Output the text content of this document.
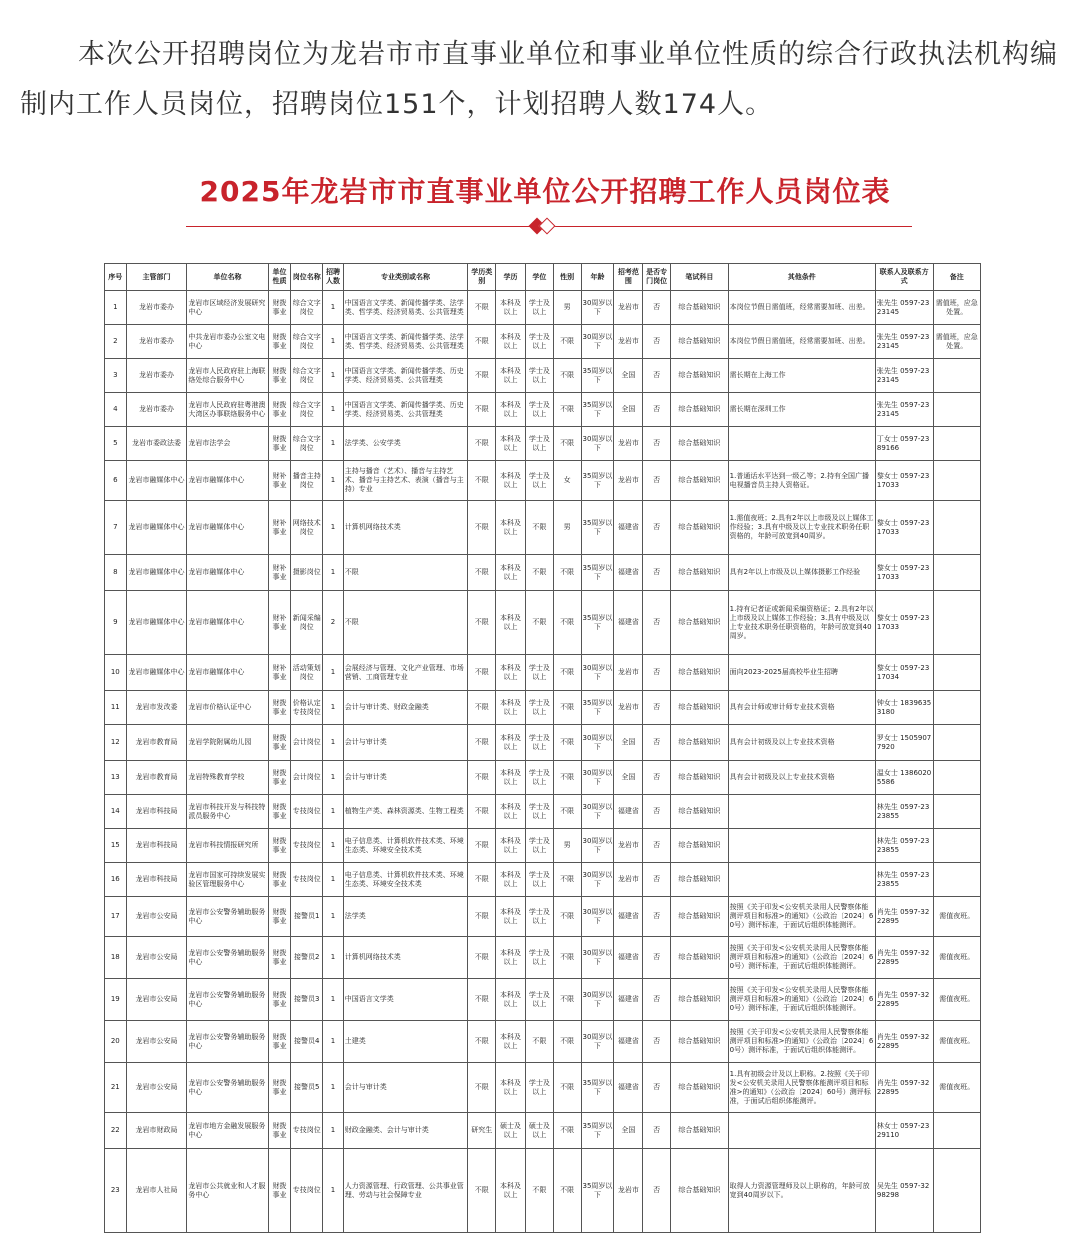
本次公开招聘岗位为龙岩市市直事业单位和事业单位性质的综合行政执法机构编制内工作人员岗位，招聘岗位151个，计划招聘人数174人。
2025年龙岩市市直事业单位公开招聘工作人员岗位表
序号	主管部门	单位名称	单位性质	岗位名称	招聘人数	专业类别或名称	学历类别	学历	学位	性别	年龄	招考范围	是否专门岗位	笔试科目	其他条件	联系人及联系方式	备注
1	龙岩市委办	龙岩市区域经济发展研究中心	财拨事业	综合文字岗位	1	中国语言文学类、新闻传播学类、法学类、哲学类、经济贸易类、公共管理类	不限	本科及以上	学士及以上	男	30周岁以下	龙岩市	否	综合基础知识	本岗位节假日需值班，经常需要加班、出差。	张先生 0597-2323145	需值班，应急处置。
2	龙岩市委办	中共龙岩市委办公室文电中心	财拨事业	综合文字岗位	1	中国语言文学类、新闻传播学类、法学类、哲学类、经济贸易类、公共管理类	不限	本科及以上	学士及以上	不限	30周岁以下	龙岩市	否	综合基础知识	本岗位节假日需值班，经常需要加班、出差。	张先生 0597-2323145	需值班，应急处置。
3	龙岩市委办	龙岩市人民政府驻上海联络处综合服务中心	财拨事业	综合文字岗位	1	中国语言文学类、新闻传播学类、历史学类、经济贸易类、公共管理类	不限	本科及以上	学士及以上	不限	35周岁以下	全国	否	综合基础知识	需长期在上海工作	张先生 0597-2323145	
4	龙岩市委办	龙岩市人民政府驻粤港澳大湾区办事联络服务中心	财拨事业	综合文字岗位	1	中国语言文学类、新闻传播学类、历史学类、经济贸易类、公共管理类	不限	本科及以上	学士及以上	不限	35周岁以下	全国	否	综合基础知识	需长期在深圳工作	张先生 0597-2323145	
5	龙岩市委政法委	龙岩市法学会	财拨事业	综合文字岗位	1	法学类、公安学类	不限	本科及以上	学士及以上	不限	30周岁以下	龙岩市	否	综合基础知识		丁女士 0597-2389166	
6	龙岩市融媒体中心	龙岩市融媒体中心	财补事业	播音主持岗位	1	主持与播音（艺术）、播音与主持艺术、播音与主持艺术、表演（播音与主持）专业	不限	本科及以上	学士及以上	女	35周岁以下	龙岩市	否	综合基础知识	1.普通话水平达到一级乙等；2.持有全国广播电视播音员主持人资格证。	黎女士 0597-2317033	
7	龙岩市融媒体中心	龙岩市融媒体中心	财补事业	网络技术岗位	1	计算机网络技术类	不限	本科及以上	不限	男	35周岁以下	福建省	否	综合基础知识	1.需值夜班；2.具有2年以上市级及以上媒体工作经验；3.具有中级及以上专业技术职务任职资格的，年龄可放宽到40周岁。	黎女士 0597-2317033	
8	龙岩市融媒体中心	龙岩市融媒体中心	财补事业	摄影岗位	1	不限	不限	本科及以上	不限	不限	35周岁以下	福建省	否	综合基础知识	具有2年以上市级及以上媒体摄影工作经验	黎女士 0597-2317033	
9	龙岩市融媒体中心	龙岩市融媒体中心	财补事业	新闻采编岗位	2	不限	不限	本科及以上	不限	不限	35周岁以下	福建省	否	综合基础知识	1.持有记者证或新闻采编资格证；2.具有2年以上市级及以上媒体工作经验；3.具有中级及以上专业技术职务任职资格的，年龄可放宽到40周岁。	黎女士 0597-2317033	
10	龙岩市融媒体中心	龙岩市融媒体中心	财补事业	活动策划岗位	1	会展经济与管理、文化产业管理、市场营销、工商管理专业	不限	本科及以上	学士及以上	不限	30周岁以下	龙岩市	否	综合基础知识	面向2023-2025届高校毕业生招聘	黎女士 0597-2317034	
11	龙岩市发改委	龙岩市价格认证中心	财拨事业	价格认定专技岗位	1	会计与审计类、财政金融类	不限	本科及以上	学士及以上	不限	35周岁以下	龙岩市	否	综合基础知识	具有会计师或审计师专业技术资格	钟女士 18396353180	
12	龙岩市教育局	龙岩学院附属幼儿园	财拨事业	会计岗位	1	会计与审计类	不限	本科及以上	学士及以上	不限	30周岁以下	全国	否	综合基础知识	具有会计初级及以上专业技术资格	罗女士 15059077920	
13	龙岩市教育局	龙岩特殊教育学校	财拨事业	会计岗位	1	会计与审计类	不限	本科及以上	学士及以上	不限	30周岁以下	全国	否	综合基础知识	具有会计初级及以上专业技术资格	温女士 13860205586	
14	龙岩市科技局	龙岩市科技开发与科技特派员服务中心	财拨事业	专技岗位	1	植物生产类、森林资源类、生物工程类	不限	本科及以上	学士及以上	不限	30周岁以下	福建省	否	综合基础知识		林先生 0597-2323855	
15	龙岩市科技局	龙岩市科技情报研究所	财拨事业	专技岗位	1	电子信息类、计算机软件技术类、环境生态类、环境安全技术类	不限	本科及以上	学士及以上	男	30周岁以下	龙岩市	否	综合基础知识		林先生 0597-2323855	
16	龙岩市科技局	龙岩市国家可持续发展实验区管理服务中心	财拨事业	专技岗位	1	电子信息类、计算机软件技术类、环境生态类、环境安全技术类	不限	本科及以上	学士及以上	不限	30周岁以下	龙岩市	否	综合基础知识		林先生 0597-2323855	
17	龙岩市公安局	龙岩市公安警务辅助服务中心	财拨事业	接警员1	1	法学类	不限	本科及以上	学士及以上	不限	30周岁以下	福建省	否	综合基础知识	按照《关于印发<公安机关录用人民警察体能测评项目和标准>的通知》（公政治〔2024〕60号）测评标准，于面试后组织体能测评。	肖先生 0597-3222895	需值夜班。
18	龙岩市公安局	龙岩市公安警务辅助服务中心	财拨事业	接警员2	1	计算机网络技术类	不限	本科及以上	学士及以上	不限	30周岁以下	福建省	否	综合基础知识	按照《关于印发<公安机关录用人民警察体能测评项目和标准>的通知》（公政治〔2024〕60号）测评标准，于面试后组织体能测评。	肖先生 0597-3222895	需值夜班。
19	龙岩市公安局	龙岩市公安警务辅助服务中心	财拨事业	接警员3	1	中国语言文学类	不限	本科及以上	学士及以上	不限	30周岁以下	福建省	否	综合基础知识	按照《关于印发<公安机关录用人民警察体能测评项目和标准>的通知》（公政治〔2024〕60号）测评标准，于面试后组织体能测评。	肖先生 0597-3222895	需值夜班。
20	龙岩市公安局	龙岩市公安警务辅助服务中心	财拨事业	接警员4	1	土建类	不限	本科及以上	不限	不限	30周岁以下	福建省	否	综合基础知识	按照《关于印发<公安机关录用人民警察体能测评项目和标准>的通知》（公政治〔2024〕60号）测评标准，于面试后组织体能测评。	肖先生 0597-3222895	需值夜班。
21	龙岩市公安局	龙岩市公安警务辅助服务中心	财拨事业	接警员5	1	会计与审计类	不限	本科及以上	学士及以上	不限	35周岁以下	福建省	否	综合基础知识	1.具有初级会计及以上职称。2.按照《关于印发<公安机关录用人民警察体能测评项目和标准>的通知》（公政治〔2024〕60号）测评标准，于面试后组织体能测评。	肖先生 0597-3222895	需值夜班。
22	龙岩市财政局	龙岩市地方金融发展服务中心	财拨事业	专技岗位	1	财政金融类、会计与审计类	研究生	硕士及以上	硕士及以上	不限	35周岁以下	全国	否	综合基础知识		林女士 0597-2329110	
23	龙岩市人社局	龙岩市公共就业和人才服务中心	财拨事业	专技岗位	1	人力资源管理、行政管理、公共事业管理、劳动与社会保障专业	不限	本科及以上	不限	不限	35周岁以下	龙岩市	否	综合基础知识	取得人力资源管理师及以上职称的，年龄可放宽到40周岁以下。	吴先生 0597-3298298	
